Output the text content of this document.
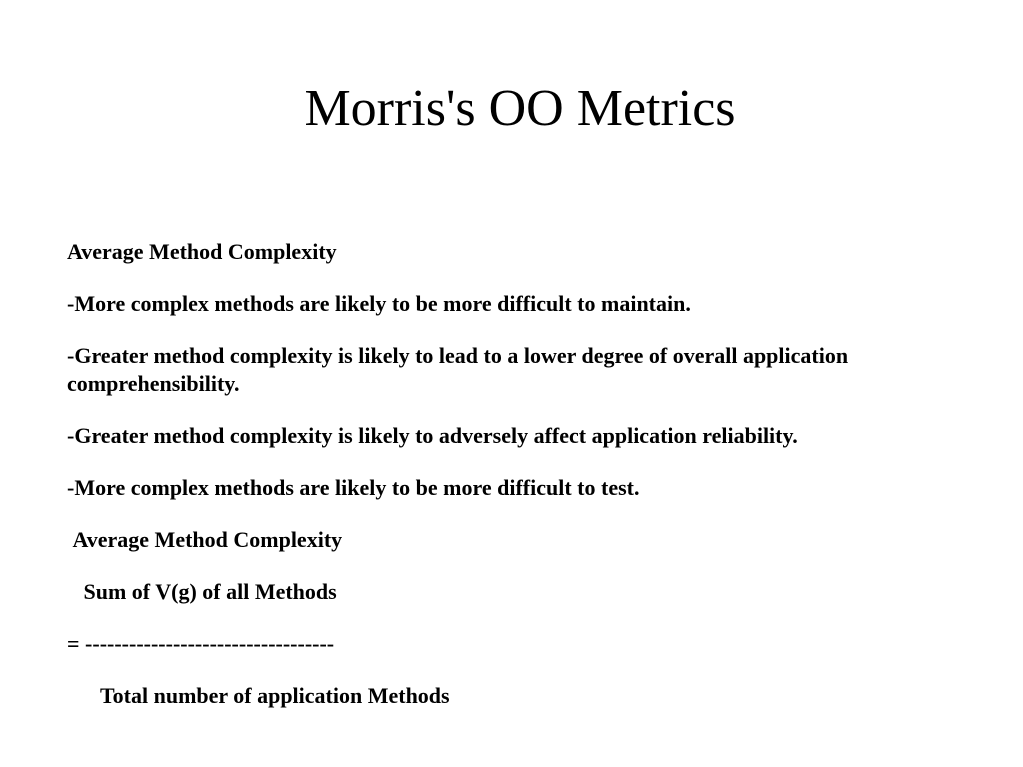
Morris's OO Metrics

Average Method Complexity

-More complex methods are likely to be more difficult to maintain.

-Greater method complexity is likely to lead to a lower degree of overall application comprehensibility.

-Greater method complexity is likely to adversely affect application reliability.

-More complex methods are likely to be more difficult to test.

Average Method Complexity

Sum of V(g) of all Methods

= ----------------------------------

Total number of application Methods
